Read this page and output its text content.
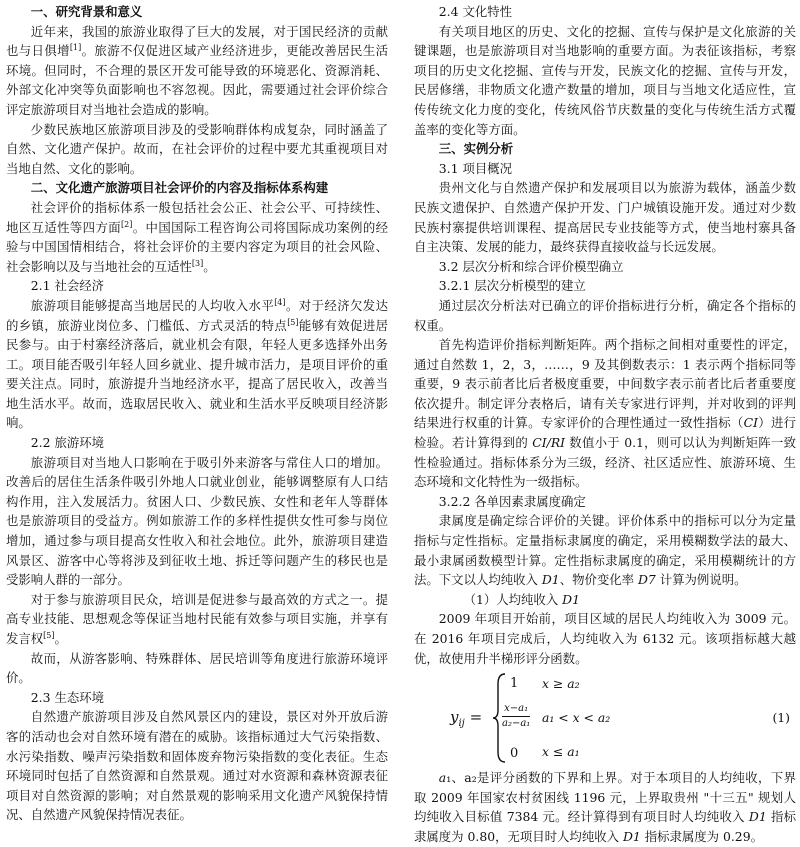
一、研究背景和意义

近年来，我国的旅游业取得了巨大的发展，对于国民经济的贡献也与日俱增[1]。旅游不仅促进区域产业经济进步，更能改善居民生活环境。但同时，不合理的景区开发可能导致的环境恶化、资源消耗、外部文化冲突等负面影响也不容忽视。因此，需要通过社会评价综合评定旅游项目对当地社会造成的影响。

少数民族地区旅游项目涉及的受影响群体构成复杂，同时涵盖了自然、文化遗产保护。故而，在社会评价的过程中要尤其重视项目对当地自然、文化的影响。

二、文化遗产旅游项目社会评价的内容及指标体系构建

社会评价的指标体系一般包括社会公正、社会公平、可持续性、地区互适性等四方面[2]。中国国际工程咨询公司将国际成功案例的经验与中国国情相结合，将社会评价的主要内容定为项目的社会风险、社会影响以及与当地社会的互适性[3]。

2.1 社会经济

旅游项目能够提高当地居民的人均收入水平[4]。对于经济欠发达的乡镇，旅游业岗位多、门槛低、方式灵活的特点[5]能够有效促进居民参与。由于村寨经济落后，就业机会有限，年轻人更多选择外出务工。项目能否吸引年轻人回乡就业、提升城市活力，是项目评价的重要关注点。同时，旅游提升当地经济水平，提高了居民收入，改善当地生活水平。故而，选取居民收入、就业和生活水平反映项目经济影响。

2.2 旅游环境

旅游项目对当地人口影响在于吸引外来游客与常住人口的增加。改善后的居住生活条件吸引外地人口就业创业，能够调整原有人口结构作用，注入发展活力。贫困人口、少数民族、女性和老年人等群体也是旅游项目的受益方。例如旅游工作的多样性提供女性可参与岗位增加，通过参与项目提高女性收入和社会地位。此外，旅游项目建造风景区、游客中心等将涉及到征收土地、拆迁等问题产生的移民也是受影响人群的一部分。

对于参与旅游项目民众，培训是促进参与最高效的方式之一。提高专业技能、思想观念等保证当地村民能有效参与项目实施，并享有发言权[5]。

故而，从游客影响、特殊群体、居民培训等角度进行旅游环境评价。

2.3 生态环境

自然遗产旅游项目涉及自然风景区内的建设，景区对外开放后游客的活动也会对自然环境有潜在的威胁。该指标通过大气污染指数、水污染指数、噪声污染指数和固体废弃物污染指数的变化表征。生态环境同时包括了自然资源和自然景观。通过对水资源和森林资源表征项目对自然资源的影响；对自然景观的影响采用文化遗产风貌保持情况、自然遗产风貌保持情况表征。

2.4 文化特性

有关项目地区的历史、文化的挖掘、宣传与保护是文化旅游的关键课题，也是旅游项目对当地影响的重要方面。为表征该指标，考察项目的历史文化挖掘、宣传与开发，民族文化的挖掘、宣传与开发，民居修缮，非物质文化遗产数量的增加，项目与当地文化适应性，宣传传统文化力度的变化，传统风俗节庆数量的变化与传统生活方式覆盖率的变化等方面。

三、实例分析
3.1 项目概况

贵州文化与自然遗产保护和发展项目以为旅游为载体，涵盖少数民族文遗保护、自然遗产保护开发、门户城镇设施开发。通过对少数民族村寨提供培训课程、提高居民专业技能等方式，使当地村寨具备自主决策、发展的能力，最终获得直接收益与长远发展。

3.2 层次分析和综合评价模型确立
3.2.1 层次分析模型的建立

通过层次分析法对已确立的评价指标进行分析，确定各个指标的权重。

首先构造评价指标判断矩阵。两个指标之间相对重要性的评定，通过自然数 1，2，3，……，9 及其倒数表示：1 表示两个指标同等重要，9 表示前者比后者极度重要，中间数字表示前者比后者重要度依次提升。制定评分表格后，请有关专家进行评判，并对收到的评判结果进行权重的计算。专家评价的合理性通过一致性指标（CI）进行检验。若计算得到的 CI/RI 数值小于 0.1，则可以认为判断矩阵一致性检验通过。指标体系分为三级，经济、社区适应性、旅游环境、生态环境和文化特性为一级指标。

3.2.2 各单因素隶属度确定

隶属度是确定综合评价的关键。评价体系中的指标可以分为定量指标与定性指标。定量指标隶属度的确定，采用模糊数学法的最大、最小隶属函数模型计算。定性指标隶属度的确定，采用模糊统计的方法。下文以人均纯收入 D1、物价变化率 D7 计算为例说明。

（1）人均纯收入 D1

2009 年项目开始前，项目区域的居民人均纯收入为 3009 元。在 2016 年项目完成后，人均纯收入为 6132 元。该项指标越大越优，故使用升半梯形评分函数。

$y_{ij}$ =
1
$\frac{\text{x−a₁}}{\text{a₂−a₁}}$
0
x ≥ a₂
a₁ < x < a₂
x ≤ a₁
(1)

a₁、a₂是评分函数的下界和上界。对于本项目的人均纯收，下界取 2009 年国家农村贫困线 1196 元，上界取贵州 "十三五" 规划人均纯收入目标值 7384 元。经计算得到有项目时人均纯收入 D1 指标隶属度为 0.80，无项目时人均纯收入 D1 指标隶属度为 0.29。
